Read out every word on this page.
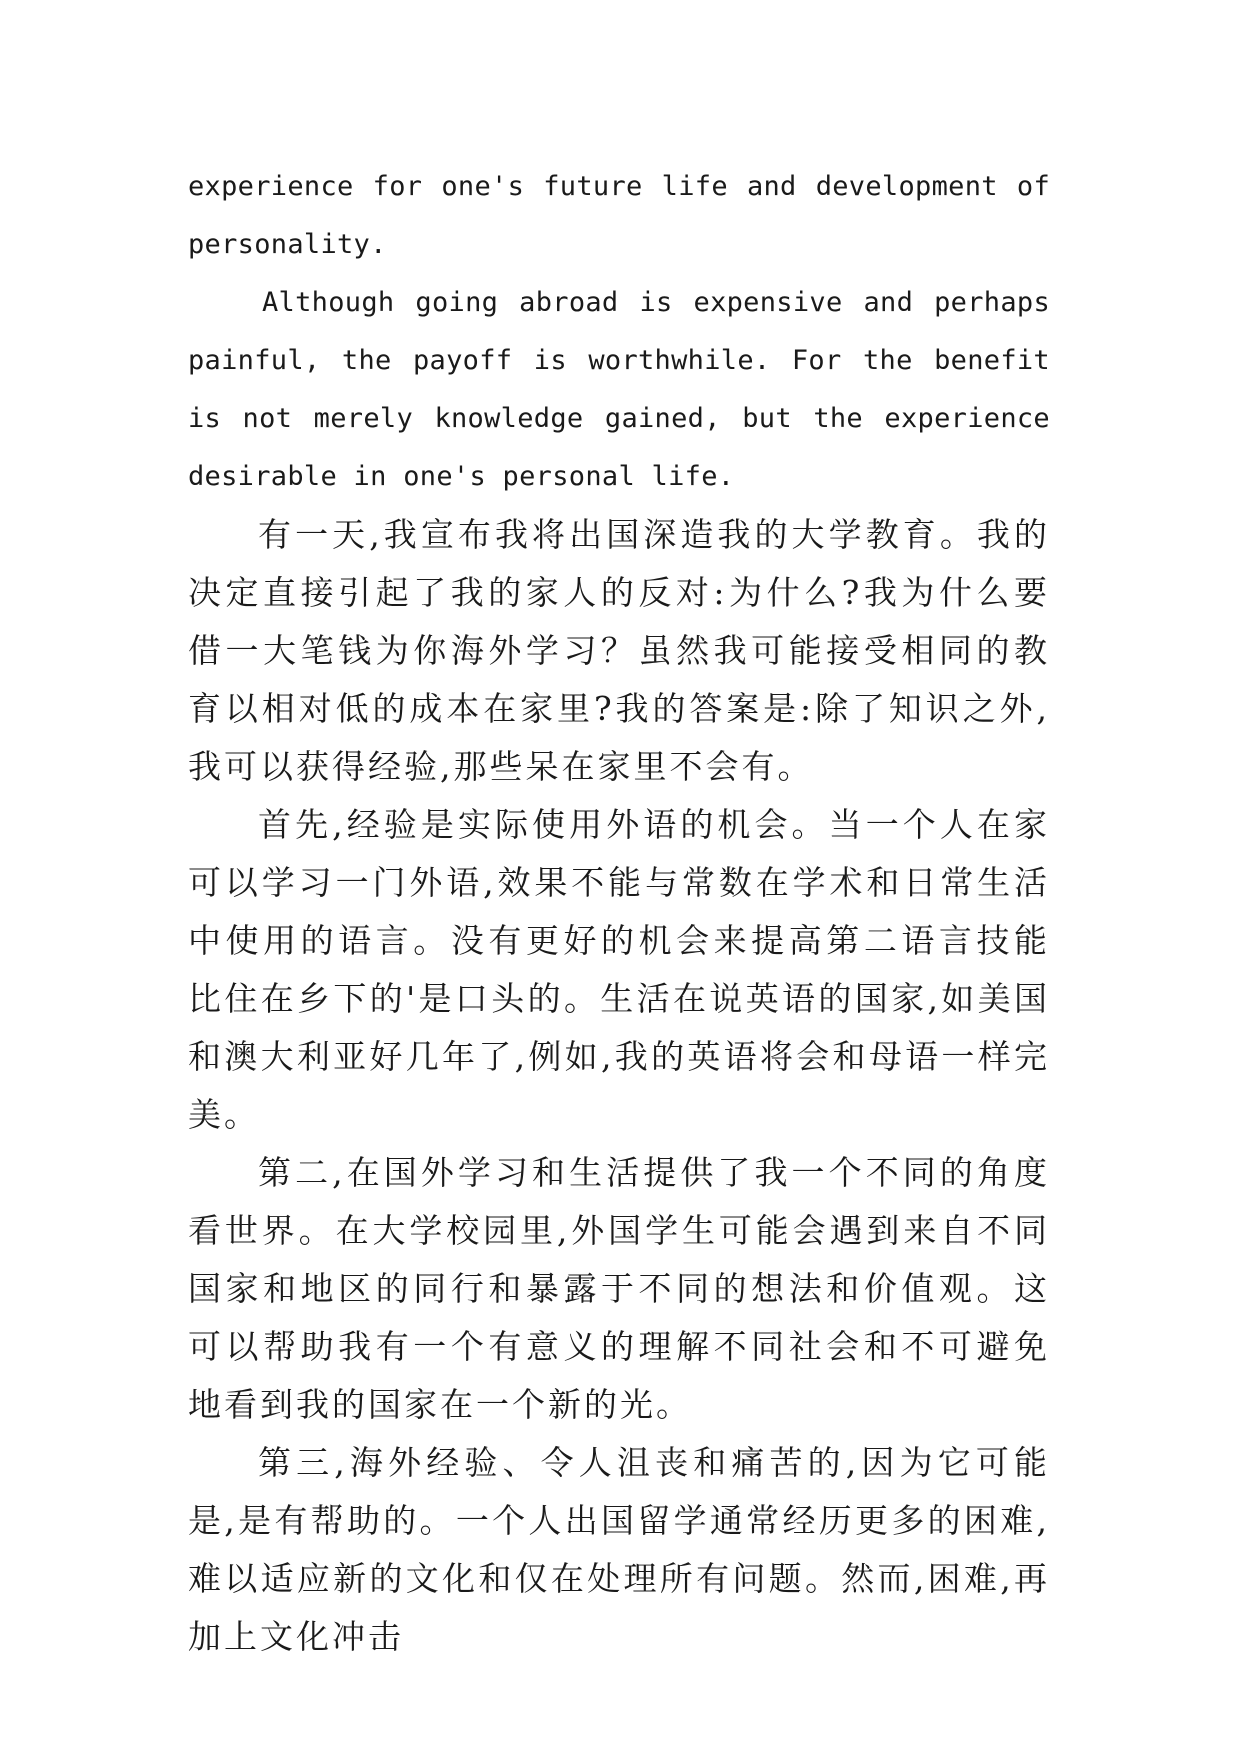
experience for one's future life and development of personality.

Although going abroad is expensive and perhaps painful, the payoff is worthwhile. For the benefit is not merely knowledge gained, but the experience desirable in one's personal life.

有一天,我宣布我将出国深造我的大学教育。我的决定直接引起了我的家人的反对:为什么?我为什么要借一大笔钱为你海外学习？虽然我可能接受相同的教育以相对低的成本在家里?我的答案是:除了知识之外,我可以获得经验,那些呆在家里不会有。

首先,经验是实际使用外语的机会。当一个人在家可以学习一门外语,效果不能与常数在学术和日常生活中使用的语言。没有更好的机会来提高第二语言技能比住在乡下的'是口头的。生活在说英语的国家,如美国和澳大利亚好几年了,例如,我的英语将会和母语一样完美。

第二,在国外学习和生活提供了我一个不同的角度看世界。在大学校园里,外国学生可能会遇到来自不同国家和地区的同行和暴露于不同的想法和价值观。这可以帮助我有一个有意义的理解不同社会和不可避免地看到我的国家在一个新的光。

第三,海外经验、令人沮丧和痛苦的,因为它可能是,是有帮助的。一个人出国留学通常经历更多的困难,难以适应新的文化和仅在处理所有问题。然而,困难,再加上文化冲击
